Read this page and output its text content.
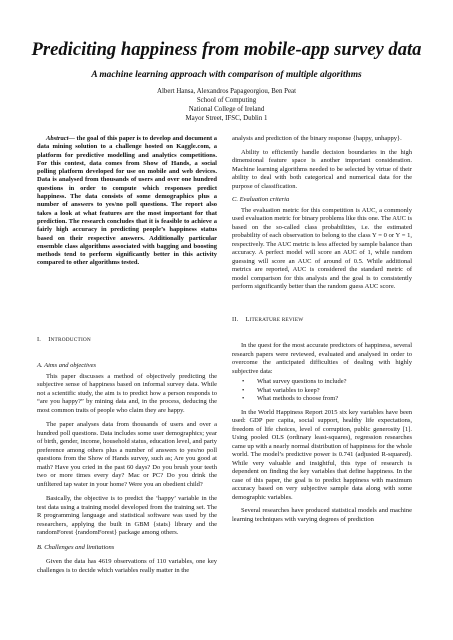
Prediciting happiness from mobile-app survey data
A machine learning approach with comparison of multiple algorithms

Albert Hansa, Alexandros Papageorgiou, Ben Peat

School of Computing

National College of Ireland

Mayor Street, IFSC, Dublin 1

Abstract— the goal of this paper is to develop and document a data mining solution to a challenge hosted on Kaggle.com, a platform for predictive modelling and analytics competitions. For this contest, data comes from Show of Hands, a social polling platform developed for use on mobile and web devices. Data is analysed from thousands of users and over one hundred questions in order to compute which responses predict happiness. The data consists of some demographics plus a number of answers to yes/no poll questions. The report also takes a look at what features are the most important for that prediction. The research concludes that it is feasible to achieve a fairly high accuracy in predicting people’s happiness status based on their respective answers. Additionally particular ensemble class algorithms associated with bagging and boosting methods tend to perform significantly better in this activity compared to other algorithms tested.

I. INTRODUCTION

A. Aims and objectives

This paper discusses a method of objectively predicting the subjective sense of happiness based on informal survey data. While not a scientific study, the aim is to predict how a person responds to “are you happy?” by mining data and, in the process, deducing the most common traits of people who claim they are happy.

The paper analyses data from thousands of users and over a hundred poll questions. Data includes some user demographics; year of birth, gender, income, household status, education level, and party preference among others plus a number of answers to yes/no poll questions from the Show of Hands survey, such as; Are you good at math? Have you cried in the past 60 days? Do you brush your teeth two or more times every day? Mac or PC? Do you drink the unfiltered tap water in your home? Were you an obedient child?

Basically, the objective is to predict the ‘happy’ variable in the test data using a training model developed from the training set. The R programming language and statistical software was used by the researchers, applying the built in GBM {stats} library and the randomForest {randomForest} package among others.

B. Challenges and limitations

Given the data has 4619 observations of 110 variables, one key challenges is to decide which variables really matter in the

analysis and prediction of the binary response {happy, unhappy}.

Ability to efficiently handle decision boundaries in the high dimensional feature space is another important consideration. Machine learning algorithms needed to be selected by virtue of their ability to deal with both categorical and numerical data for the purpose of classification.

C. Evaluation criteria

The evaluation metric for this competition is AUC, a commonly used evaluation metric for binary problems like this one. The AUC is based on the so-called class probabilities, i.e. the estimated probability of each observation to belong to the class Y = 0 or Y = 1, respectively. The AUC metric is less affected by sample balance than accuracy. A perfect model will score an AUC of 1, while random guessing will score an AUC of around of 0.5. While additional metrics are reported, AUC is considered the standard metric of model comparison for this analysis and the goal is to consistently perform significantly better than the random guess AUC score.

II. LITERATURE REVIEW

In the quest for the most accurate predictors of happiness, several research papers were reviewed, evaluated and analysed in order to overcome the anticipated difficulties of dealing with highly subjective data:

• What survey questions to include?
• What variables to keep?
• What methods to choose from?

In the World Happiness Report 2015 six key variables have been used: GDP per capita, social support, healthy life expectations, freedom of life choices, level of corruption, public generosity [1]. Using pooled OLS (ordinary least-squares), regression researches came up with a nearly normal distribution of happiness for the whole world. The model’s predictive power is 0.741 (adjusted R-squared). While very valuable and insightful, this type of research is dependent on finding the key variables that define happiness. In the case of this paper, the goal is to predict happiness with maximum accuracy based on very subjective sample data along with some demographic variables.

Several researches have produced statistical models and machine learning techniques with varying degrees of prediction
